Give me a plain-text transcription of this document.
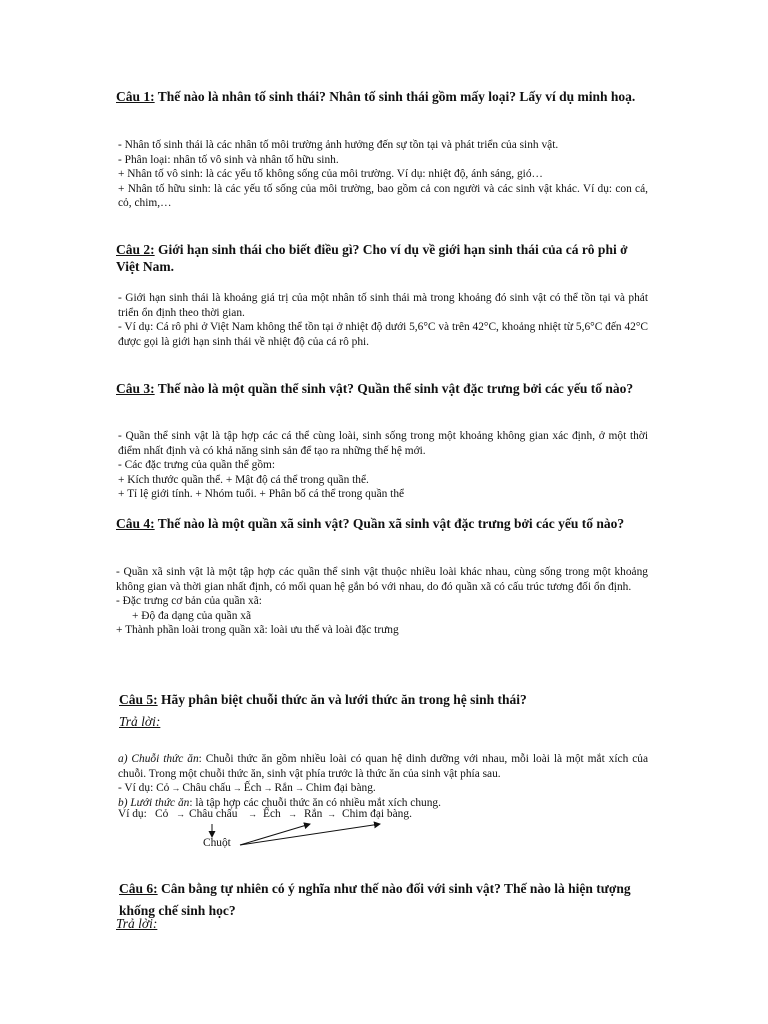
Câu 1: Thế nào là nhân tố sinh thái? Nhân tố sinh thái gồm mấy loại? Lấy ví dụ minh hoạ.
- Nhân tố sinh thái là các nhân tố môi trường ảnh hưởng đến sự tồn tại và phát triển của sinh vật.
- Phân loại: nhân tố vô sinh và nhân tố hữu sinh.
+ Nhân tố vô sinh: là các yếu tố không sống của môi trường. Ví dụ: nhiệt độ, ánh sáng, gió…
+ Nhân tố hữu sinh: là các yếu tố sống của môi trường, bao gồm cả con người và các sinh vật khác. Ví dụ: con cá, cỏ, chim,…
Câu 2: Giới hạn sinh thái cho biết điều gì? Cho ví dụ về giới hạn sinh thái của cá rô phi ở Việt Nam.
- Giới hạn sinh thái là khoảng giá trị của một nhân tố sinh thái mà trong khoảng đó sinh vật có thể tồn tại và phát triển ổn định theo thời gian.
- Ví dụ: Cá rô phi ở Việt Nam không thể tồn tại ở nhiệt độ dưới 5,6°C và trên 42°C, khoảng nhiệt từ 5,6°C đến 42°C được gọi là giới hạn sinh thái về nhiệt độ của cá rô phi.
Câu 3: Thế nào là một quần thể sinh vật? Quần thể sinh vật đặc trưng bởi các yếu tố nào?
- Quần thể sinh vật là tập hợp các cá thể cùng loài, sinh sống trong một khoảng không gian xác định, ở một thời điểm nhất định và có khả năng sinh sản để tạo ra những thế hệ mới.
- Các đặc trưng của quần thể gồm:
+ Kích thước quần thể. + Mật độ cá thể trong quần thể.
+ Tỉ lệ giới tính. + Nhóm tuổi. + Phân bố cá thể trong quần thể
Câu 4: Thế nào là một quần xã sinh vật? Quần xã sinh vật đặc trưng bởi các yếu tố nào?
- Quần xã sinh vật là một tập hợp các quần thể sinh vật thuộc nhiều loài khác nhau, cùng sống trong một khoảng không gian và thời gian nhất định, có mối quan hệ gắn bó với nhau, do đó quần xã có cấu trúc tương đối ổn định.
- Đặc trưng cơ bản của quần xã:
+ Độ đa dạng của quần xã
+ Thành phần loài trong quần xã: loài ưu thế và loài đặc trưng
Câu 5: Hãy phân biệt chuỗi thức ăn và lưới thức ăn trong hệ sinh thái?
Trả lời:
a) Chuỗi thức ăn: Chuỗi thức ăn gồm nhiều loài có quan hệ dinh dưỡng với nhau, mỗi loài là một mắt xích của chuỗi. Trong một chuỗi thức ăn, sinh vật phía trước là thức ăn của sinh vật phía sau.
- Ví dụ: Cỏ → Châu chấu → Ếch → Rắn → Chim đại bàng.
b) Lưới thức ăn: là tập hợp các chuỗi thức ăn có nhiều mắt xích chung.
Ví dụ: Cỏ → Châu chấu → Ếch → Rắn → Chim đại bàng.
Chuột
Câu 6: Cân bằng tự nhiên có ý nghĩa như thế nào đối với sinh vật? Thế nào là hiện tượng khống chế sinh học?
Trả lời:
